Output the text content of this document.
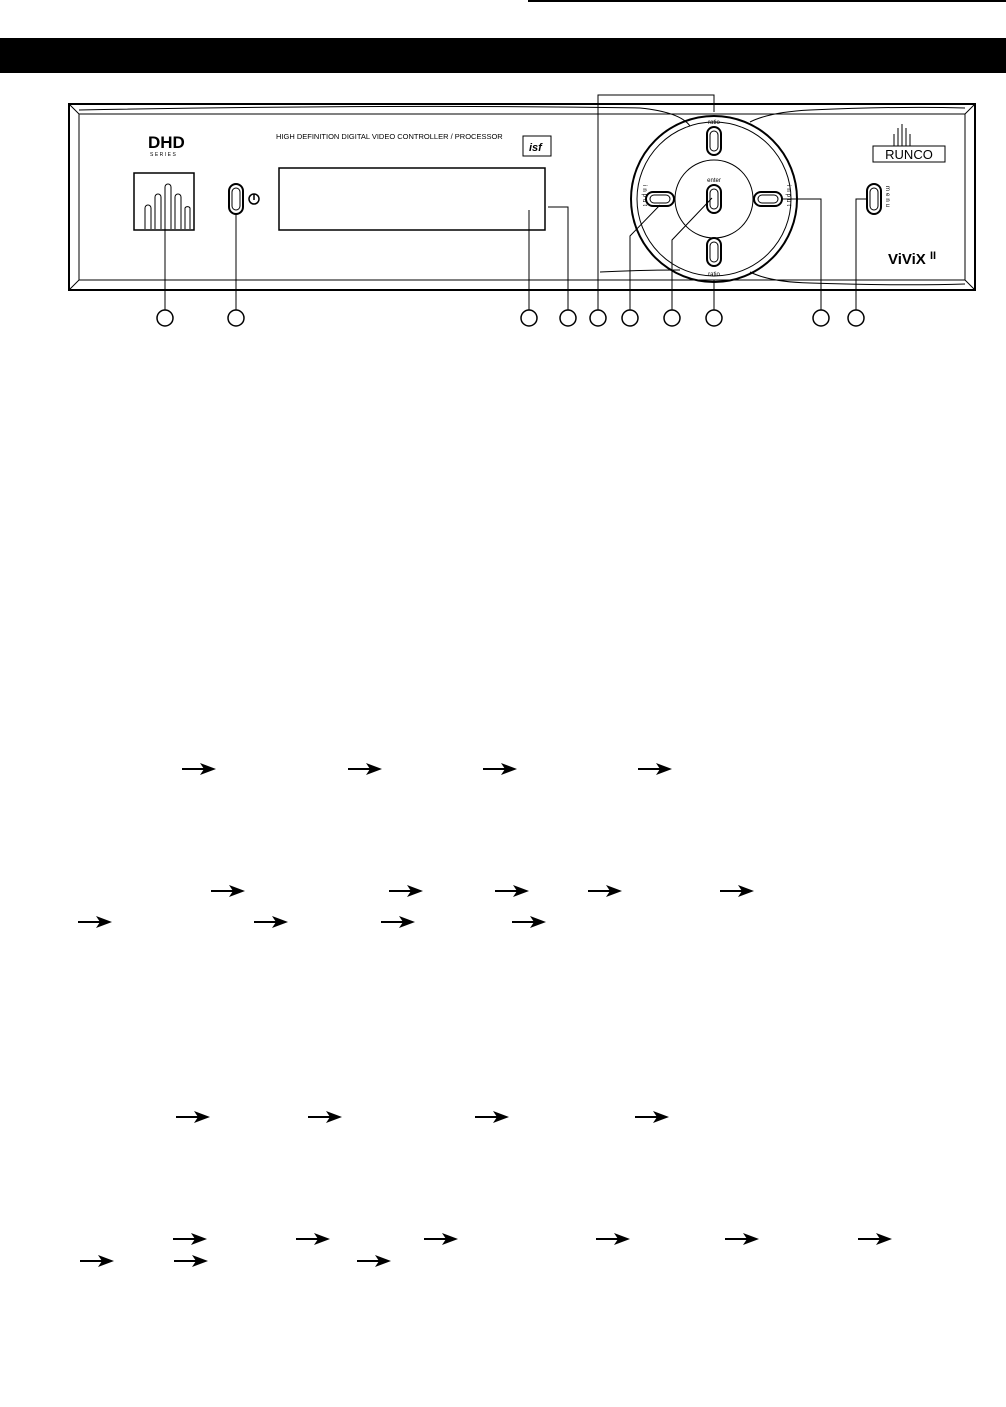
DHD
SERIES
HIGH DEFINITION DIGITAL VIDEO CONTROLLER / PROCESSOR
isf
ratio
ratio
enter
input	input	menu
RUNCO
ViViX II
